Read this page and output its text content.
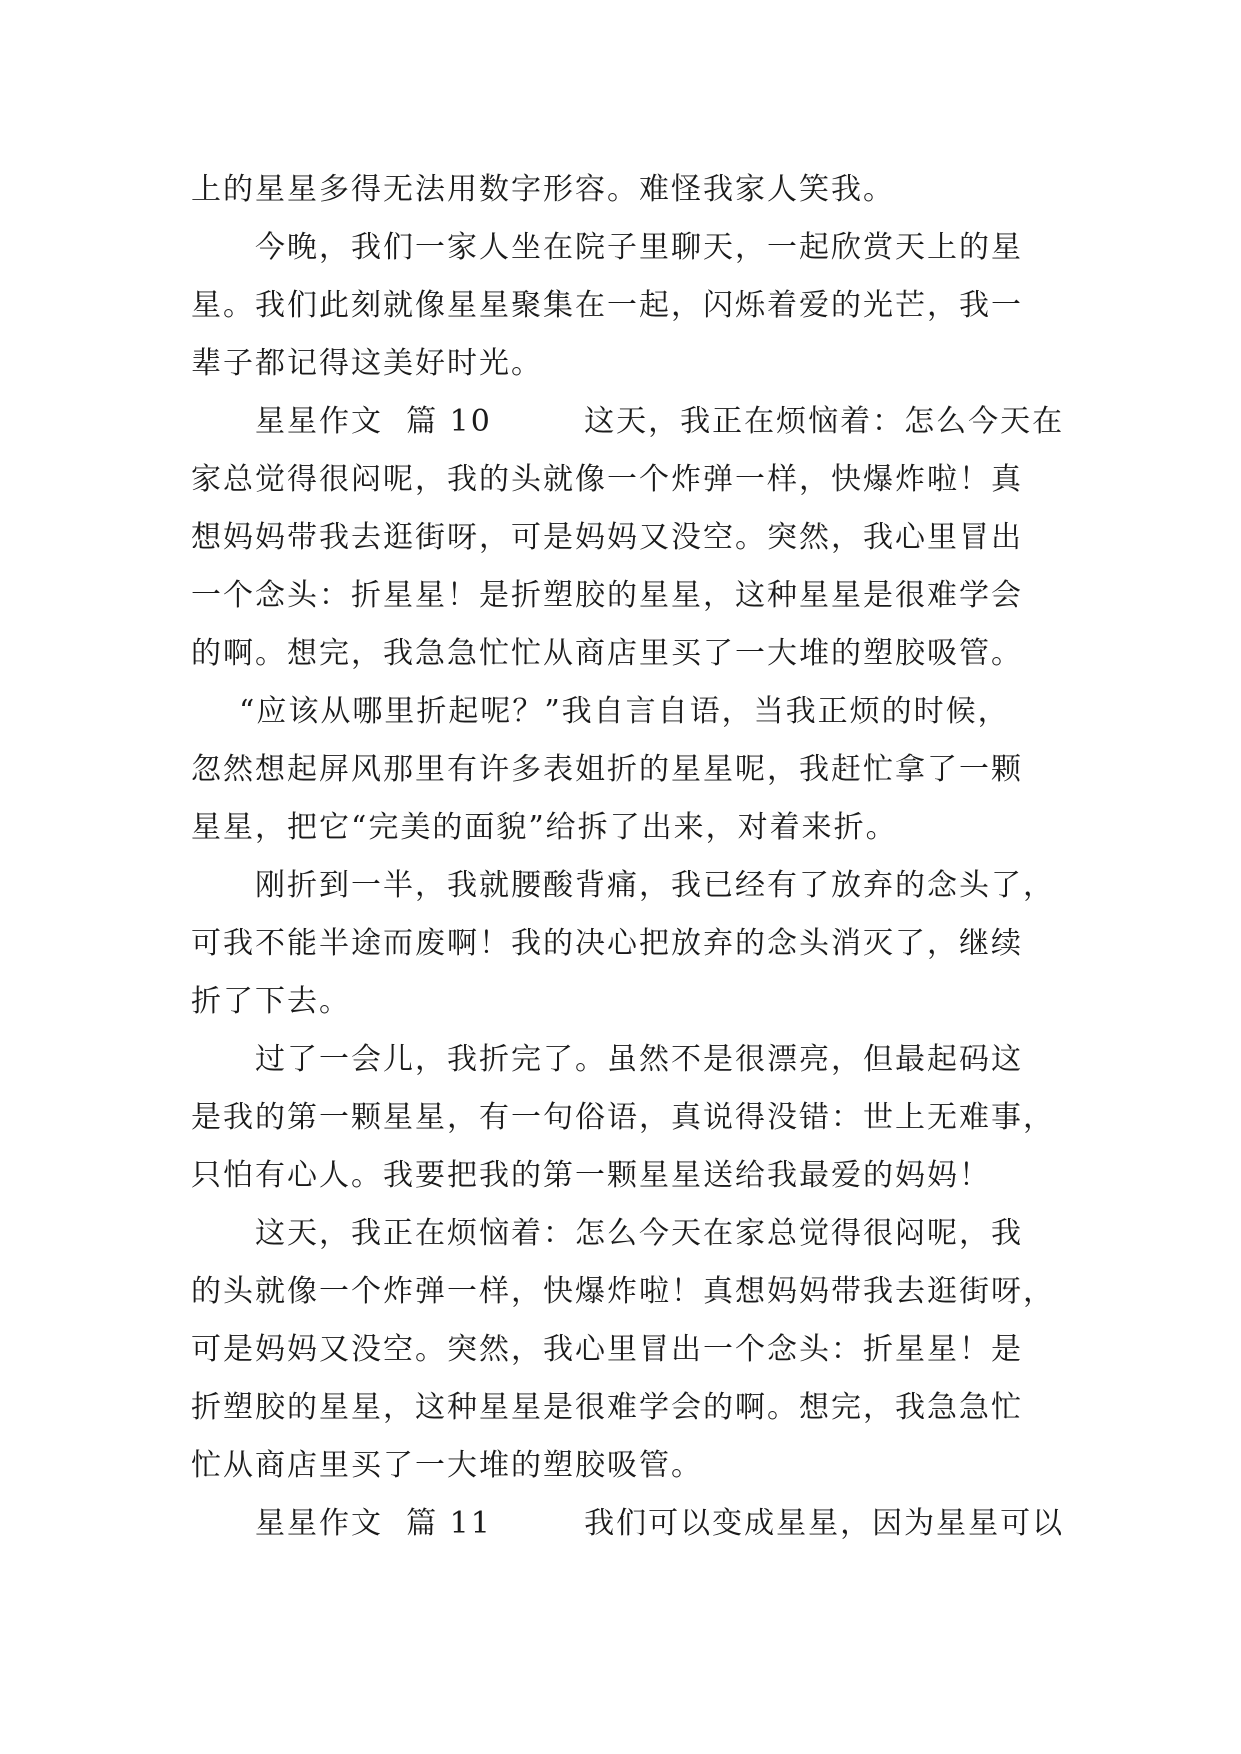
上的星星多得无法用数字形容。难怪我家人笑我。
今晚，我们一家人坐在院子里聊天，一起欣赏天上的星
星。我们此刻就像星星聚集在一起，闪烁着爱的光芒，我一
辈子都记得这美好时光。
星星作文  篇 10        这天，我正在烦恼着：怎么今天在
家总觉得很闷呢，我的头就像一个炸弹一样，快爆炸啦！真
想妈妈带我去逛街呀，可是妈妈又没空。突然，我心里冒出
一个念头：折星星！是折塑胶的星星，这种星星是很难学会
的啊。想完，我急急忙忙从商店里买了一大堆的塑胶吸管。
“应该从哪里折起呢？”我自言自语，当我正烦的时候，
忽然想起屏风那里有许多表姐折的星星呢，我赶忙拿了一颗
星星，把它“完美的面貌”给拆了出来，对着来折。
刚折到一半，我就腰酸背痛，我已经有了放弃的念头了，
可我不能半途而废啊！我的决心把放弃的念头消灭了，继续
折了下去。
过了一会儿，我折完了。虽然不是很漂亮，但最起码这
是我的第一颗星星，有一句俗语，真说得没错：世上无难事，
只怕有心人。我要把我的第一颗星星送给我最爱的妈妈！
这天，我正在烦恼着：怎么今天在家总觉得很闷呢，我
的头就像一个炸弹一样，快爆炸啦！真想妈妈带我去逛街呀，
可是妈妈又没空。突然，我心里冒出一个念头：折星星！是
折塑胶的星星，这种星星是很难学会的啊。想完，我急急忙
忙从商店里买了一大堆的塑胶吸管。
星星作文  篇 11        我们可以变成星星，因为星星可以
